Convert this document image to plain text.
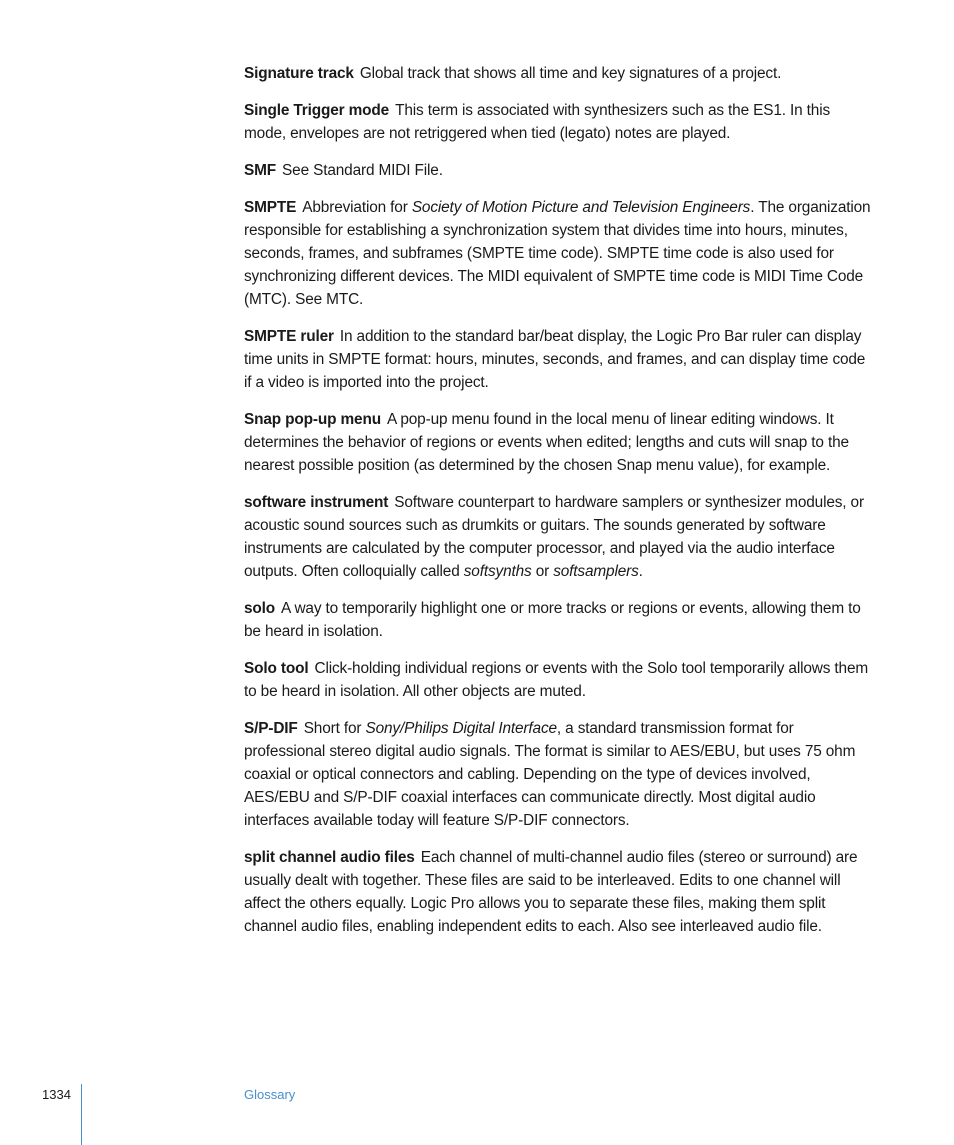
Signature track Global track that shows all time and key signatures of a project.

Single Trigger mode This term is associated with synthesizers such as the ES1. In this mode, envelopes are not retriggered when tied (legato) notes are played.

SMF See Standard MIDI File.

SMPTE Abbreviation for Society of Motion Picture and Television Engineers. The organization responsible for establishing a synchronization system that divides time into hours, minutes, seconds, frames, and subframes (SMPTE time code). SMPTE time code is also used for synchronizing different devices. The MIDI equivalent of SMPTE time code is MIDI Time Code (MTC). See MTC.

SMPTE ruler In addition to the standard bar/beat display, the Logic Pro Bar ruler can display time units in SMPTE format: hours, minutes, seconds, and frames, and can display time code if a video is imported into the project.

Snap pop-up menu A pop-up menu found in the local menu of linear editing windows. It determines the behavior of regions or events when edited; lengths and cuts will snap to the nearest possible position (as determined by the chosen Snap menu value), for example.

software instrument Software counterpart to hardware samplers or synthesizer modules, or acoustic sound sources such as drumkits or guitars. The sounds generated by software instruments are calculated by the computer processor, and played via the audio interface outputs. Often colloquially called softsynths or softsamplers.

solo A way to temporarily highlight one or more tracks or regions or events, allowing them to be heard in isolation.

Solo tool Click-holding individual regions or events with the Solo tool temporarily allows them to be heard in isolation. All other objects are muted.

S/P-DIF Short for Sony/Philips Digital Interface, a standard transmission format for professional stereo digital audio signals. The format is similar to AES/EBU, but uses 75 ohm coaxial or optical connectors and cabling. Depending on the type of devices involved, AES/EBU and S/P-DIF coaxial interfaces can communicate directly. Most digital audio interfaces available today will feature S/P-DIF connectors.

split channel audio files Each channel of multi-channel audio files (stereo or surround) are usually dealt with together. These files are said to be interleaved. Edits to one channel will affect the others equally. Logic Pro allows you to separate these files, making them split channel audio files, enabling independent edits to each. Also see interleaved audio file.

1334	Glossary
